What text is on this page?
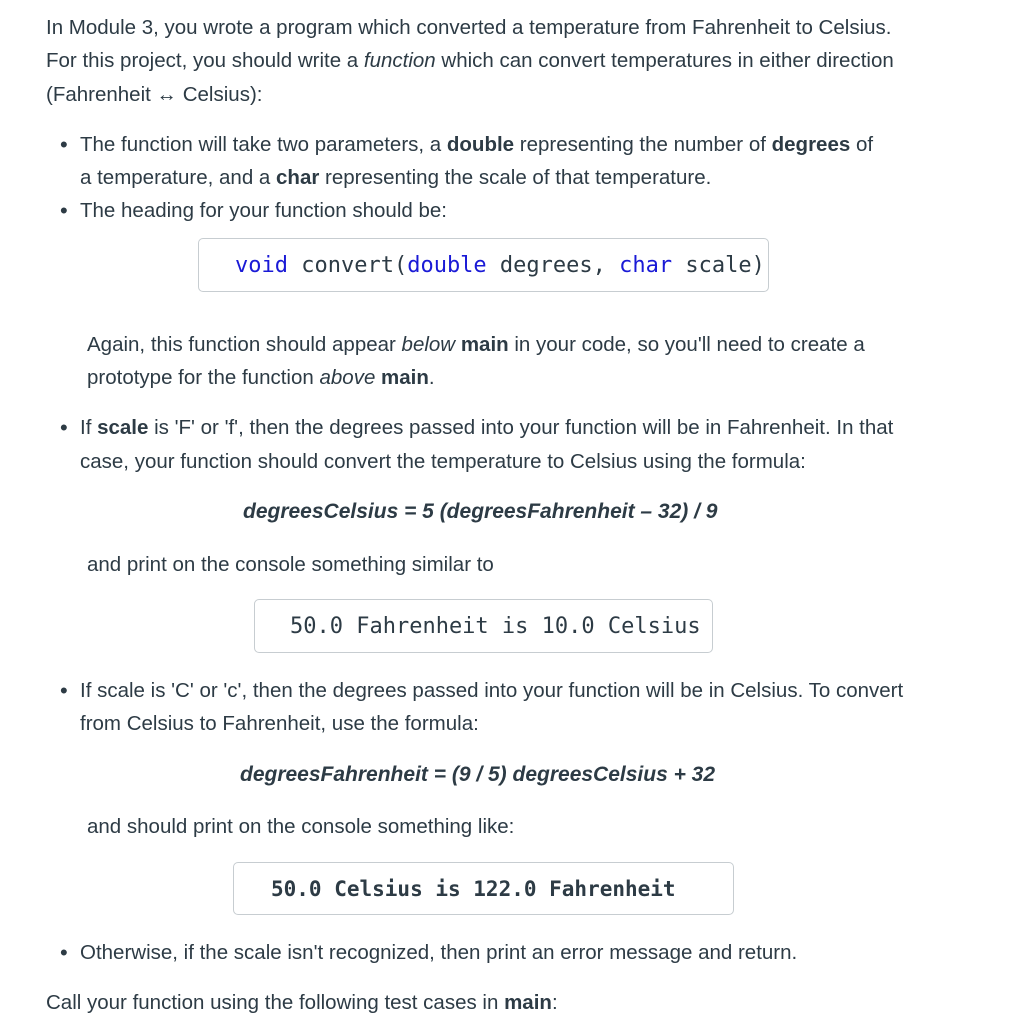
In Module 3, you wrote a program which converted a temperature from Fahrenheit to Celsius.
For this project, you should write a function which can convert temperatures in either direction
(Fahrenheit ↔ Celsius):
• The function will take two parameters, a double representing the number of degrees of
a temperature, and a char representing the scale of that temperature.
• The heading for your function should be:
void convert(double degrees, char scale)
Again, this function should appear below main in your code, so you'll need to create a
prototype for the function above main.
• If scale is 'F' or 'f', then the degrees passed into your function will be in Fahrenheit. In that
case, your function should convert the temperature to Celsius using the formula:
degreesCelsius = 5 (degreesFahrenheit – 32) / 9
and print on the console something similar to
50.0 Fahrenheit is 10.0 Celsius
• If scale is 'C' or 'c', then the degrees passed into your function will be in Celsius. To convert
from Celsius to Fahrenheit, use the formula:
degreesFahrenheit = (9 / 5) degreesCelsius + 32
and should print on the console something like:
50.0 Celsius is 122.0 Fahrenheit
• Otherwise, if the scale isn't recognized, then print an error message and return.
Call your function using the following test cases in main:
